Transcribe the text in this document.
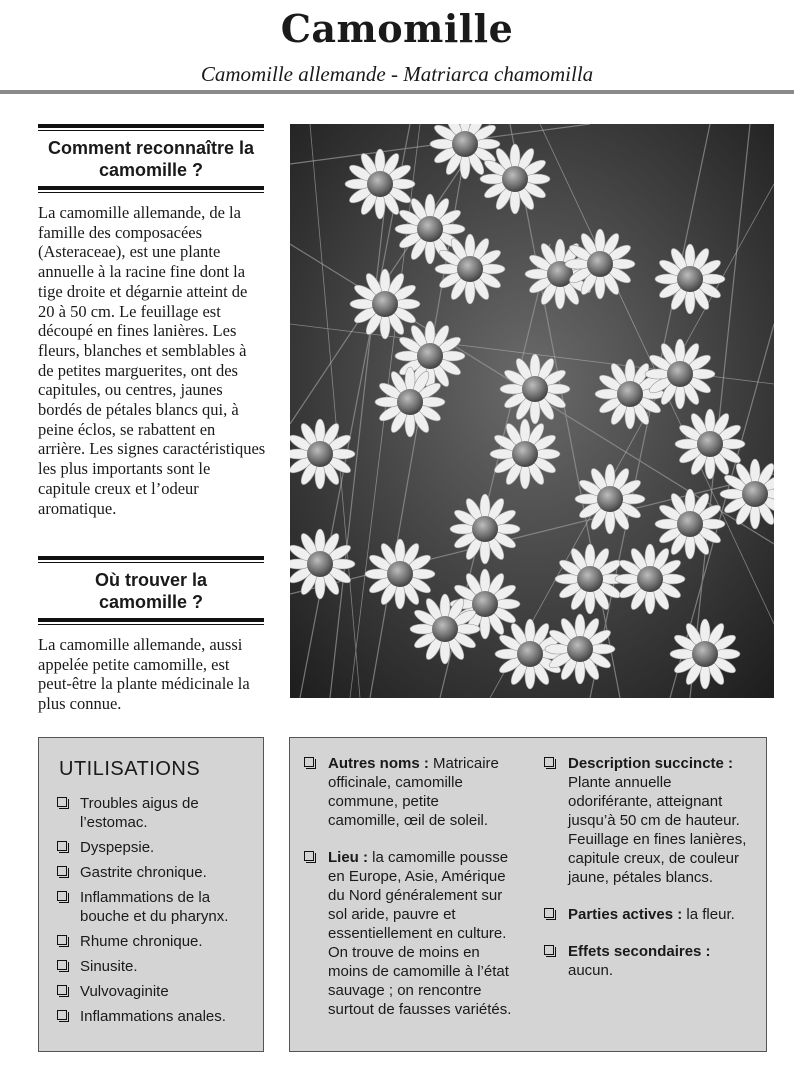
Camomille
Camomille allemande - Matriarca chamomilla
Comment reconnaître la camomille ?
La camomille allemande, de la famille des composacées (Asteraceae), est une plante annuelle à la racine fine dont la tige droite et dégarnie atteint de 20 à 50 cm. Le feuillage est découpé en fines lanières. Les fleurs, blanches et semblables à de petites marguerites, ont des capitules, ou centres, jaunes bordés de pétales blancs qui, à peine éclos, se rabattent en arrière. Les signes caractéristiques les plus importants sont le capitule creux et l’odeur aromatique.
Où trouver la camomille ?
La camomille allemande, aussi appelée petite camomille, est peut-être la plante médicinale la plus connue.
UTILISATIONS
Troubles aigus de l’estomac.
Dyspepsie.
Gastrite chronique.
Inflammations de la bouche et du pharynx.
Rhume chronique.
Sinusite.
Vulvovaginite
Inflammations anales.
Autres noms : Matricaire officinale, camomille commune, petite camomille, œil de soleil.
Lieu : la camomille pousse en Europe, Asie, Amérique du Nord généralement sur sol aride, pauvre et essentiellement en culture. On trouve de moins en moins de camomille à l’état sauvage ; on rencontre surtout de fausses variétés.
Description succincte :
Plante annuelle odoriférante, atteignant jusqu’à 50 cm de hauteur. Feuillage en fines lanières, capitule creux, de couleur jaune, pétales blancs.
Parties actives : la fleur.
Effets secondaires :
aucun.
